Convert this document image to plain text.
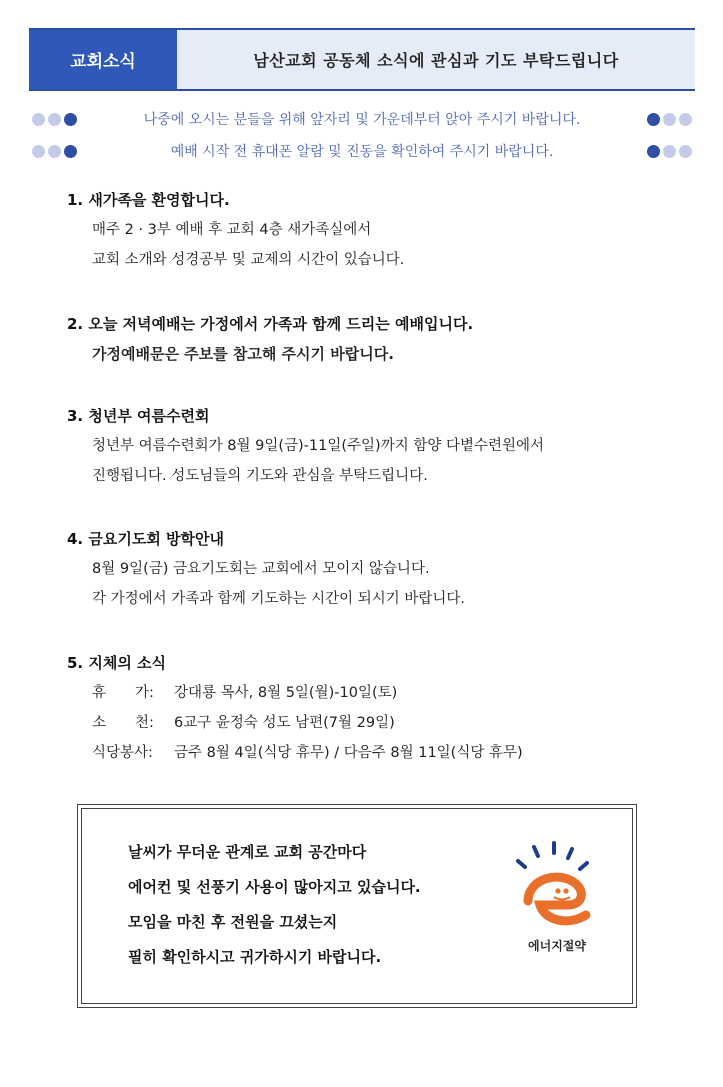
교회소식	남산교회 공동체 소식에 관심과 기도 부탁드립니다
나중에 오시는 분들을 위해 앞자리 및 가운데부터 앉아 주시기 바랍니다.
예배 시작 전 휴대폰 알람 및 진동을 확인하여 주시기 바랍니다.
1. 새가족을 환영합니다.
매주 2 · 3부 예배 후 교회 4층 새가족실에서
교회 소개와 성경공부 및 교제의 시간이 있습니다.
2. 오늘 저녁예배는 가정에서 가족과 함께 드리는 예배입니다.
가정예배문은 주보를 참고해 주시기 바랍니다.
3. 청년부 여름수련회
청년부 여름수련회가 8월 9일(금)-11일(주일)까지 함양 다볕수련원에서
진행됩니다. 성도님들의 기도와 관심을 부탁드립니다.
4. 금요기도회 방학안내
8월 9일(금) 금요기도회는 교회에서 모이지 않습니다.
각 가정에서 가족과 함께 기도하는 시간이 되시기 바랍니다.
5. 지체의 소식
휴　　가:	강대룡 목사, 8월 5일(월)-10일(토)
소　　천:	6교구 윤정숙 성도 남편(7월 29일)
식당봉사:	금주 8월 4일(식당 휴무) / 다음주 8월 11일(식당 휴무)
날씨가 무더운 관계로 교회 공간마다
에어컨 및 선풍기 사용이 많아지고 있습니다.
모임을 마친 후 전원을 끄셨는지
필히 확인하시고 귀가하시기 바랍니다.
에너지절약
